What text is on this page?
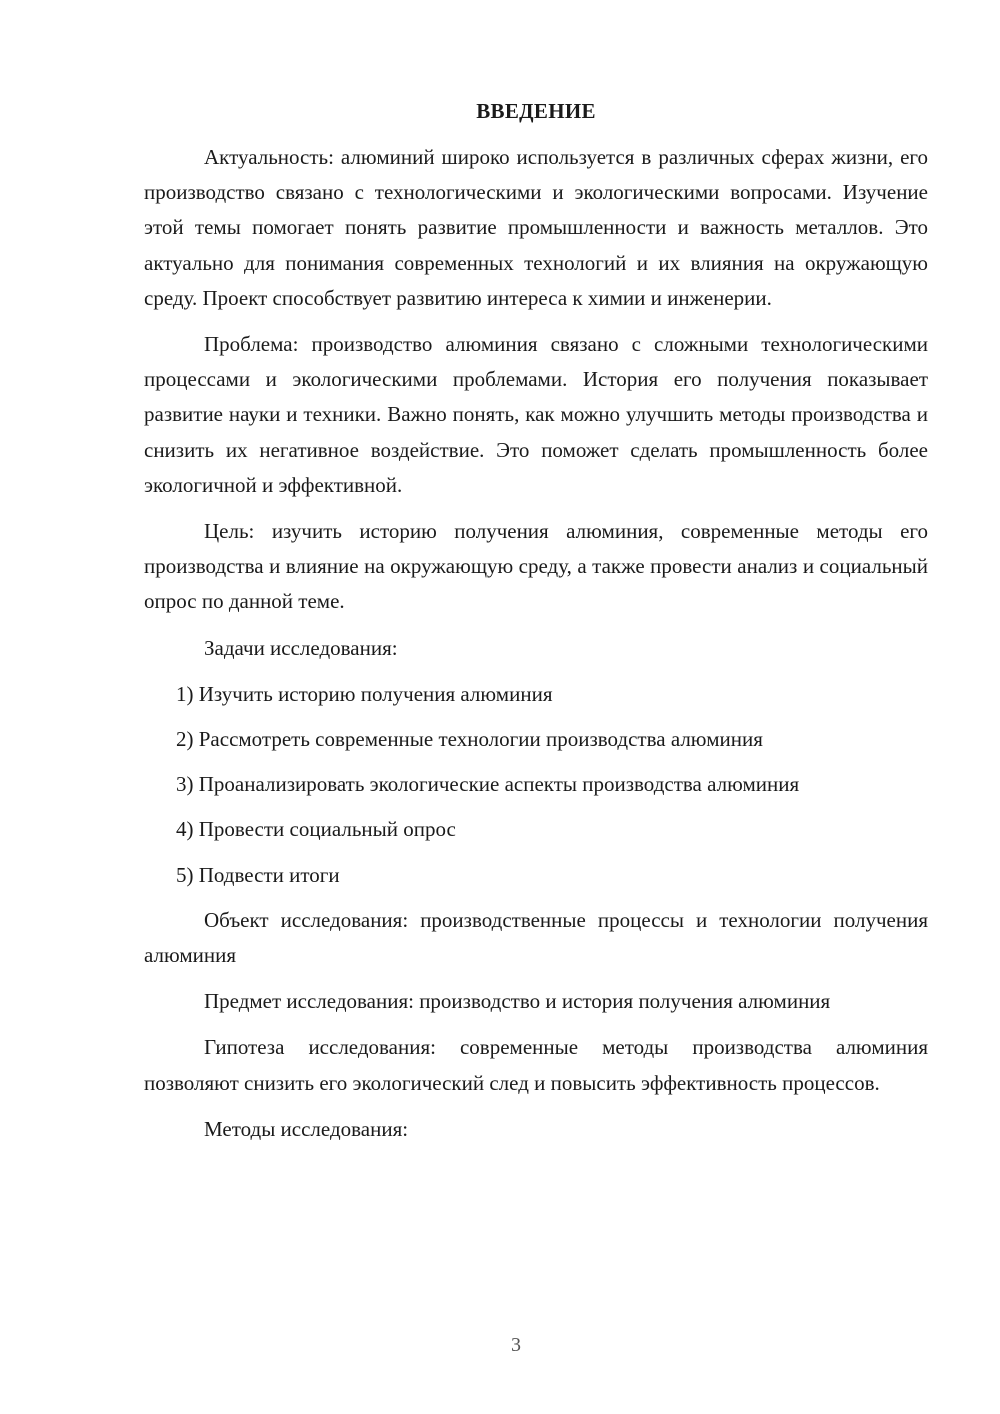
ВВЕДЕНИЕ

Актуальность: алюминий широко используется в различных сферах жизни, его производство связано с технологическими и экологическими вопросами. Изучение этой темы помогает понять развитие промышленности и важность металлов. Это актуально для понимания современных технологий и их влияния на окружающую среду. Проект способствует развитию интереса к химии и инженерии.

Проблема: производство алюминия связано с сложными технологическими процессами и экологическими проблемами. История его получения показывает развитие науки и техники. Важно понять, как можно улучшить методы производства и снизить их негативное воздействие. Это поможет сделать промышленность более экологичной и эффективной.

Цель: изучить историю получения алюминия, современные методы его производства и влияние на окружающую среду, а также провести анализ и социальный опрос по данной теме.

Задачи исследования:

1) Изучить историю получения алюминия

2) Рассмотреть современные технологии производства алюминия

3) Проанализировать экологические аспекты производства алюминия

4) Провести социальный опрос

5) Подвести итоги

Объект исследования: производственные процессы и технологии получения алюминия

Предмет исследования: производство и история получения алюминия

Гипотеза исследования: современные методы производства алюминия позволяют снизить его экологический след и повысить эффективность процессов.

Методы исследования:

3
